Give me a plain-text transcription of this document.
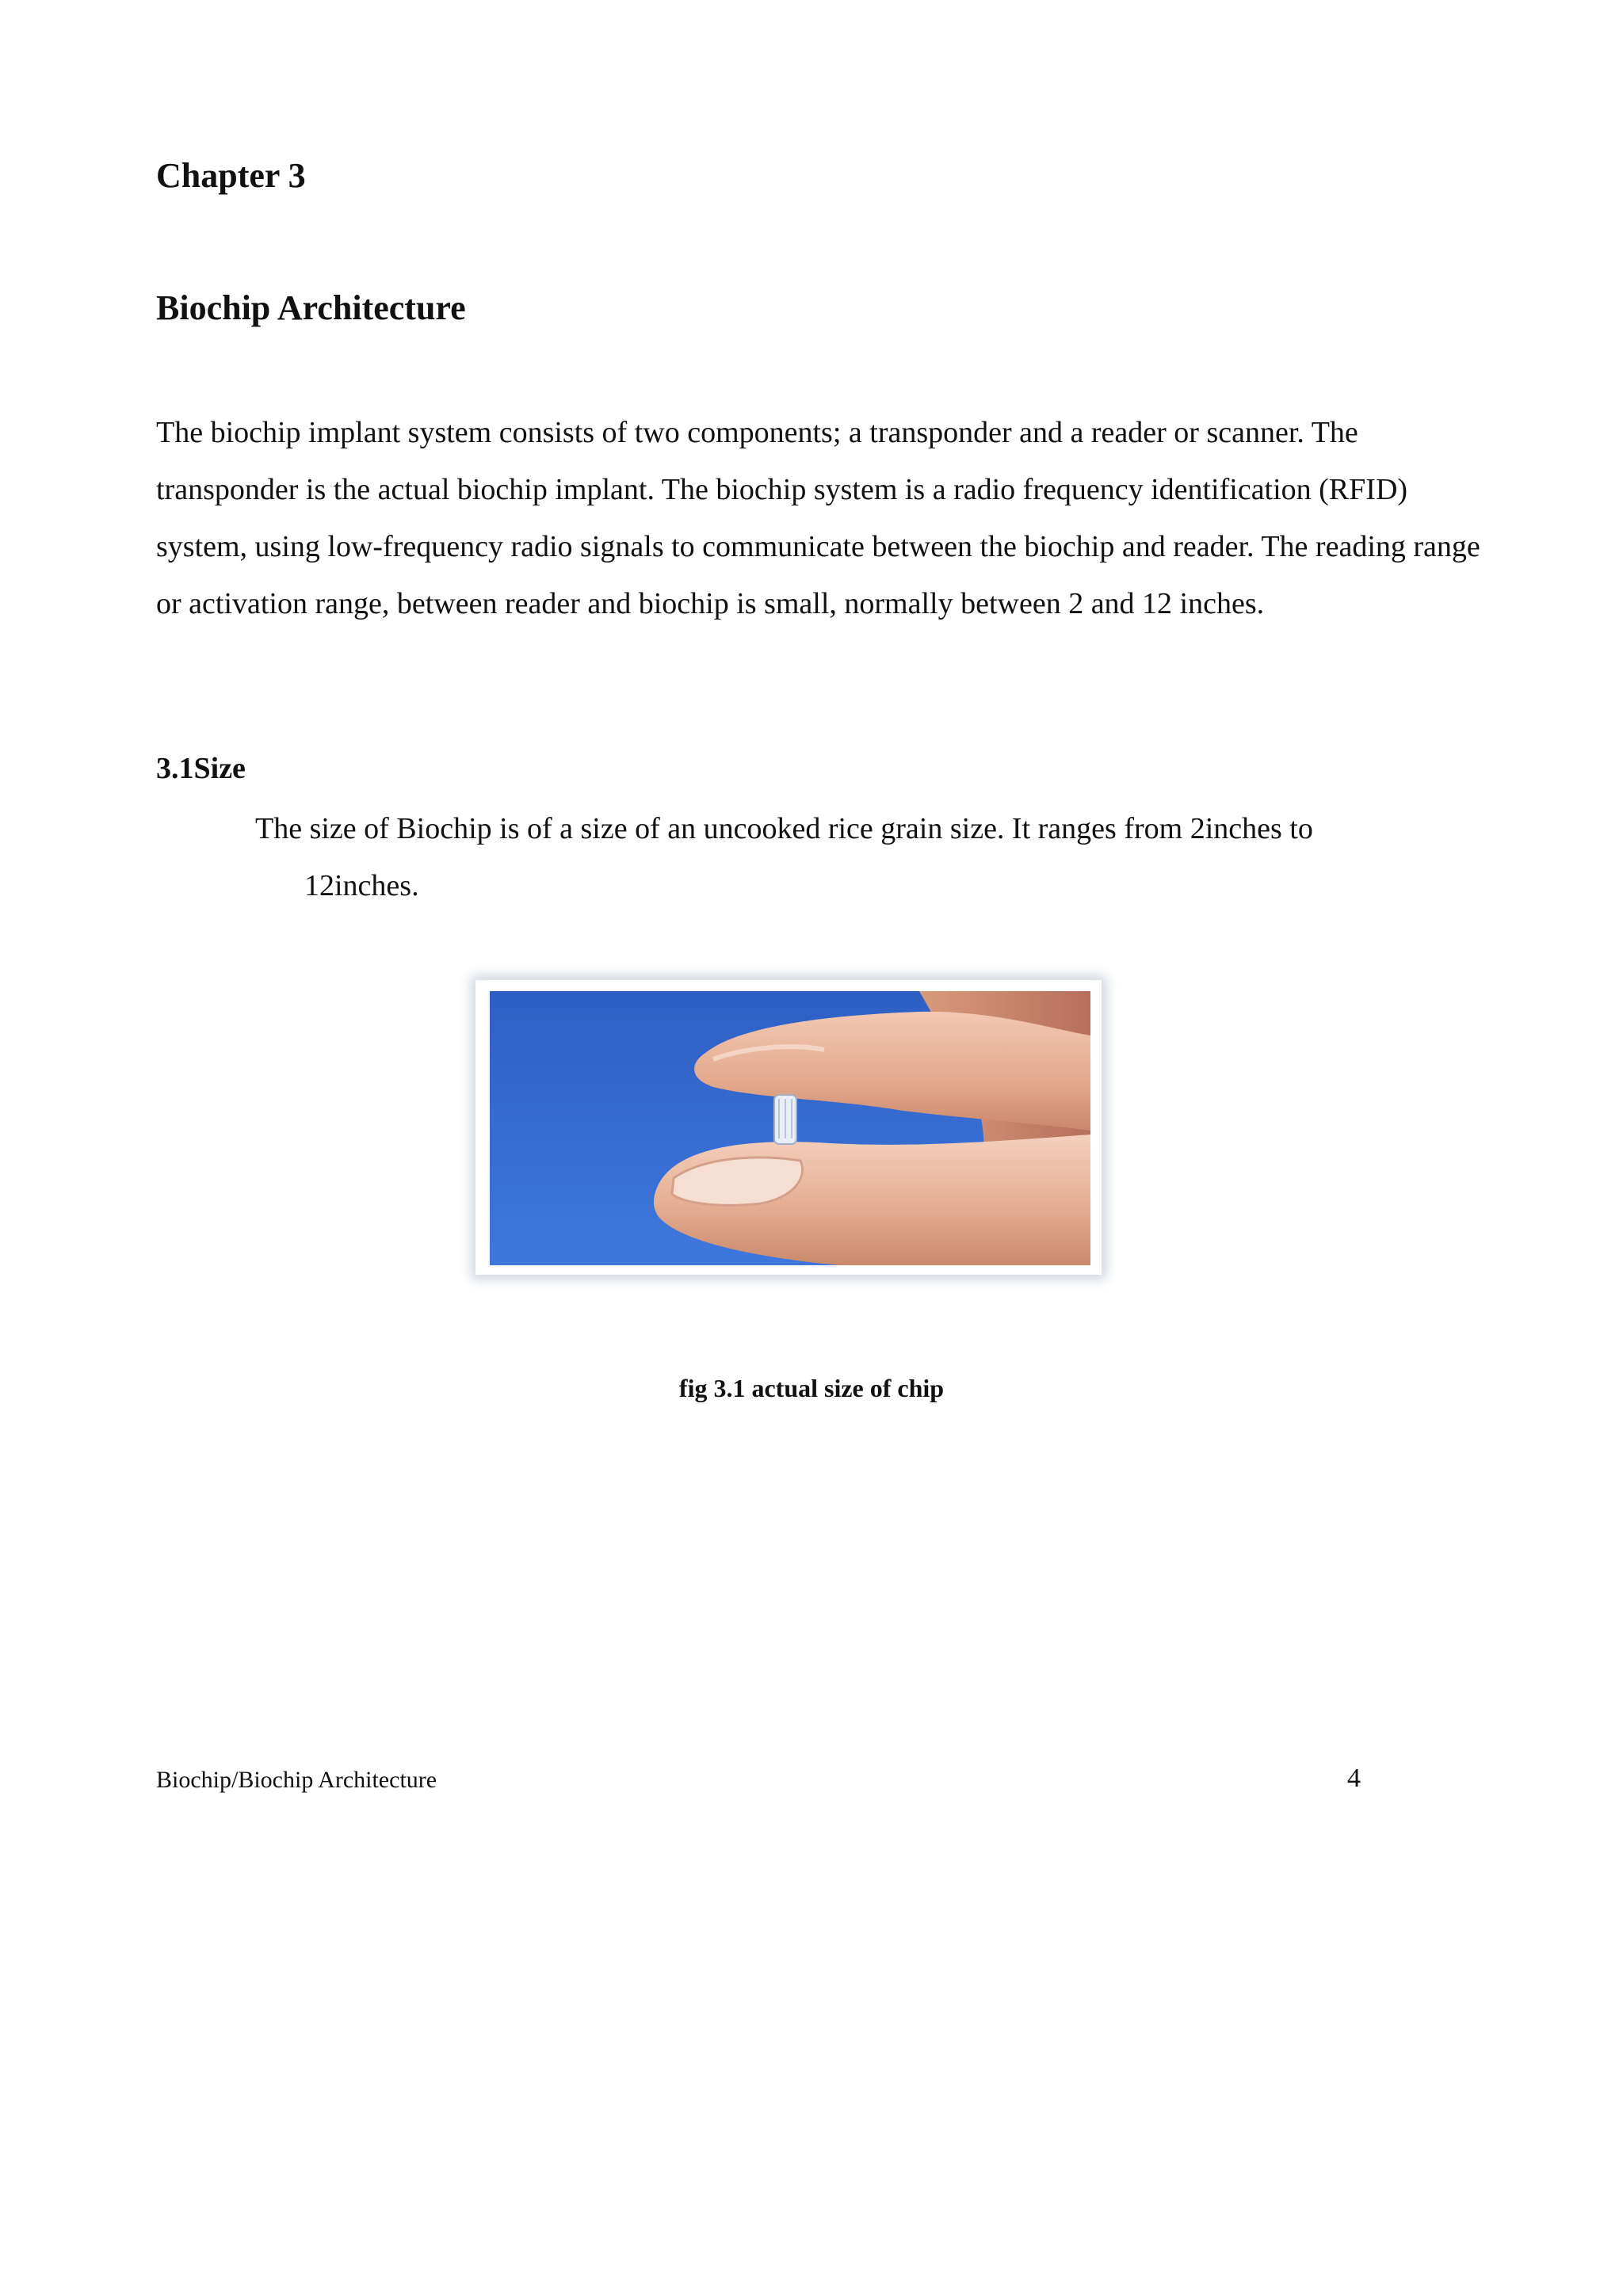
Chapter 3
Biochip Architecture

The biochip implant system consists of two components; a transponder and a reader or scanner. The transponder is the actual biochip implant. The biochip system is a radio frequency identification (RFID) system, using low-frequency radio signals to communicate between the biochip and reader. The reading range or activation range, between reader and biochip is small, normally between 2 and 12 inches.

3.1Size

The size of Biochip is of a size of an uncooked rice grain size. It ranges from 2inches to
12inches.

fig 3.1 actual size of chip

Biochip/Biochip Architecture	4
